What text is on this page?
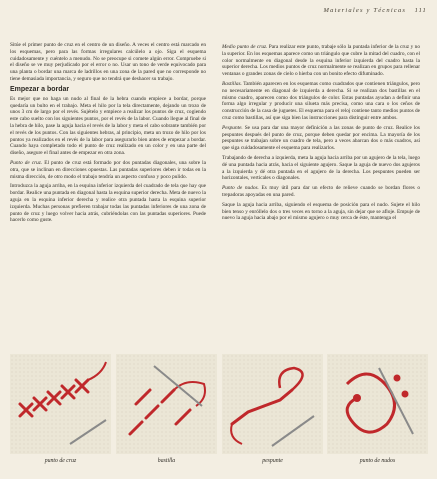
Materiales y Técnicas 111

Sitúe el primer punto de cruz en el centro de un diseño. A veces el centro está marcado en los esquemas, pero para las formas irregulares calcúlelo a ojo. Siga el esquema cuidadosamente y cuéntelo a menudo. No se preocupe si comete algún error. Compruebe si el diseño se ve muy perjudicado por el error o no. Usar un tono de verde equivocado para una planta o bordar una marca de ladrillos en una zona de la pared que no corresponde no tiene demasiada importancia, y seguro que no tendrá que deshacer su trabajo.

Empezar a bordar

Es mejor que no haga un nudo al final de la hebra cuando empiece a bordar, porque quedaría un bulto en el trabajo. Meta el hilo por la tela directamente, dejando un trozo de unos 3 cm de largo por el revés. Sujételo y empiece a realizar los puntos de cruz, cogiendo este cabo suelto con los siguientes puntos, por el revés de la labor. Cuando llegue al final de la hebra de hilo, pase la aguja hacia el revés de la labor y meta el cabo sobrante también por el revés de los puntos. Con las siguientes hebras, al principio, meta un trozo de hilo por los puntos ya realizados en el revés de la labor para asegurarlo bien antes de empezar a bordar. Cuando haya completado todo el punto de cruz realizado en un color y en una parte del diseño, asegure el final antes de empezar en otra zona.

Punto de cruz. El punto de cruz está formado por dos puntadas diagonales, una sobre la otra, que se inclinan en direcciones opuestas. Las puntadas superiores deben ir todas en la misma dirección, de otro modo el trabajo tendría un aspecto confuso y poco pulido.

Introduzca la aguja arriba, en la esquina inferior izquierda del cuadrado de tela que hay que bordar. Realice una puntada en diagonal hasta la esquina superior derecha. Meta de nuevo la aguja en la esquina inferior derecha y realice otra puntada hasta la esquina superior izquierda. Muchas personas prefieren trabajar todas las puntadas inferiores de una zona de punto de cruz y luego volver hacia atrás, cubriéndolas con las puntadas superiores. Puede hacerlo como guste.

Medio punto de cruz. Para realizar este punto, trabaje sólo la puntada inferior de la cruz y no la superior. En los esquemas aparece como un triángulo que cubre la mitad del cuadro, con el color normalmente en diagonal desde la esquina inferior izquierda del cuadro hasta la superior derecha. Los medios puntos de cruz normalmente se realizan en grupos para rellenar ventanas o grandes zonas de cielo o hierba con un bonito efecto difuminado.

Bastillas. También aparecen en los esquemas como cuadrados que contienen triángulos, pero no necesariamente en diagonal de izquierda a derecha. Si se realizan dos bastillas en el mismo cuadro, aparecen como dos triángulos de color. Estas puntadas ayudan a definir una forma algo irregular y producir una silueta más precisa, como una cara o los ceños de construcción de la casa de juguetes. El esquema para el reloj contiene tanto medios puntos de cruz como bastillas, así que siga bien las instrucciones para distinguir entre ambos.

Pespunte. Se usa para dar una mayor definición a las zonas de punto de cruz. Realice los pespuntes después del punto de cruz, porque deben quedar por encima. La mayoría de los pespuntes se trabajan sobre un cuadro de tela, pero a veces abarcan dos o más cuadros, así que siga cuidadosamente el esquema para realizarlos.

Trabajando de derecha a izquierda, meta la aguja hacia arriba por un agujero de la tela, luego dé una puntada hacia atrás, hacia el siguiente agujero. Saque la aguja de nuevo dos agujeros a la izquierda y dé otra puntada en el agujero de la derecha. Los pespuntes pueden ser horizontales, verticales o diagonales.

Punto de nudos. Es muy útil para dar un efecto de relieve cuando se bordan flores o trepadoras apoyadas en una pared.

Saque la aguja hacia arriba, siguiendo el esquema de posición para el nudo. Sujete el hilo bien tenso y enróllelo dos o tres veces en torno a la aguja, sin dejar que se afloje. Empuje de nuevo la aguja hacia abajo por el mismo agujero o muy cerca de éste, mantenga el

punto de cruz	bastilla	pespunte	punto de nudos
